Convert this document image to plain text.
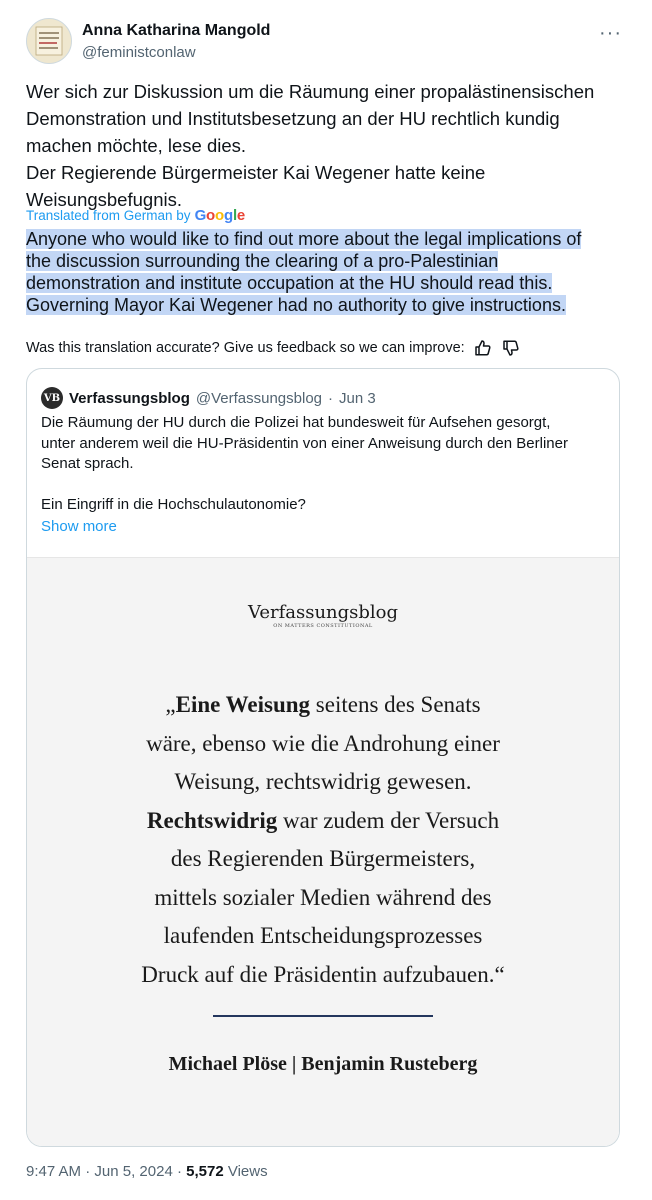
Anna Katharina Mangold
@feministconlaw
···
Wer sich zur Diskussion um die Räumung einer propalästinensischen
Demonstration und Institutsbesetzung an der HU rechtlich kundig
machen möchte, lese dies.
Der Regierende Bürgermeister Kai Wegener hatte keine
Weisungsbefugnis.
Translated from German by Google
Anyone who would like to find out more about the legal implications of
the discussion surrounding the clearing of a pro-Palestinian
demonstration and institute occupation at the HU should read this.
Governing Mayor Kai Wegener had no authority to give instructions.
Was this translation accurate? Give us feedback so we can improve:
VB Verfassungsblog @Verfassungsblog · Jun 3
Die Räumung der HU durch die Polizei hat bundesweit für Aufsehen gesorgt,
unter anderem weil die HU-Präsidentin von einer Anweisung durch den Berliner
Senat sprach.

Ein Eingriff in die Hochschulautonomie?
Show more
Verfassungsblog
ON MATTERS CONSTITUTIONAL
„Eine Weisung seitens des Senats
wäre, ebenso wie die Androhung einer
Weisung, rechtswidrig gewesen.
Rechtswidrig war zudem der Versuch
des Regierenden Bürgermeisters,
mittels sozialer Medien während des
laufenden Entscheidungsprozesses
Druck auf die Präsidentin aufzubauen.“
Michael Plöse | Benjamin Rusteberg
9:47 AM · Jun 5, 2024 · 5,572 Views
